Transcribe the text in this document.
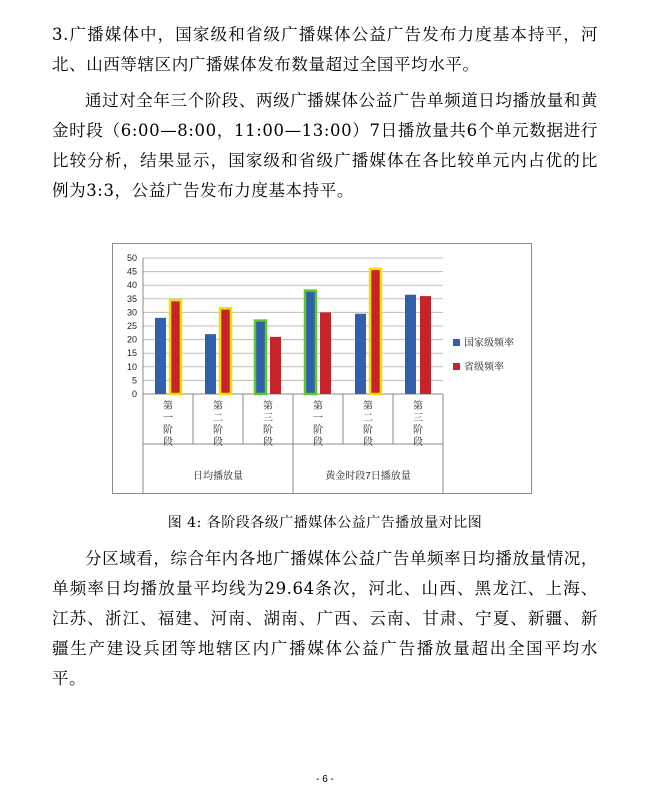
3.广播媒体中，国家级和省级广播媒体公益广告发布力度基本持平，河北、山西等辖区内广播媒体发布数量超过全国平均水平。

通过对全年三个阶段、两级广播媒体公益广告单频道日均播放量和黄金时段（6:00—8:00，11:00—13:00）7日播放量共6个单元数据进行比较分析，结果显示，国家级和省级广播媒体在各比较单元内占优的比例为3:3，公益广告发布力度基本持平。

0
5
10
15
20
25
30
35
40
45
50
第
一
阶
段
第
二
阶
段
第
三
阶
段
第
一
阶
段
第
二
阶
段
第
三
阶
段
日均播放量	黄金时段7日播放量
国家级频率
省级频率
图 4: 各阶段各级广播媒体公益广告播放量对比图

分区域看，综合年内各地广播媒体公益广告单频率日均播放量情况，单频率日均播放量平均线为29.64条次，河北、山西、黑龙江、上海、江苏、浙江、福建、河南、湖南、广西、云南、甘肃、宁夏、新疆、新疆生产建设兵团等地辖区内广播媒体公益广告播放量超出全国平均水平。

- 6 -
